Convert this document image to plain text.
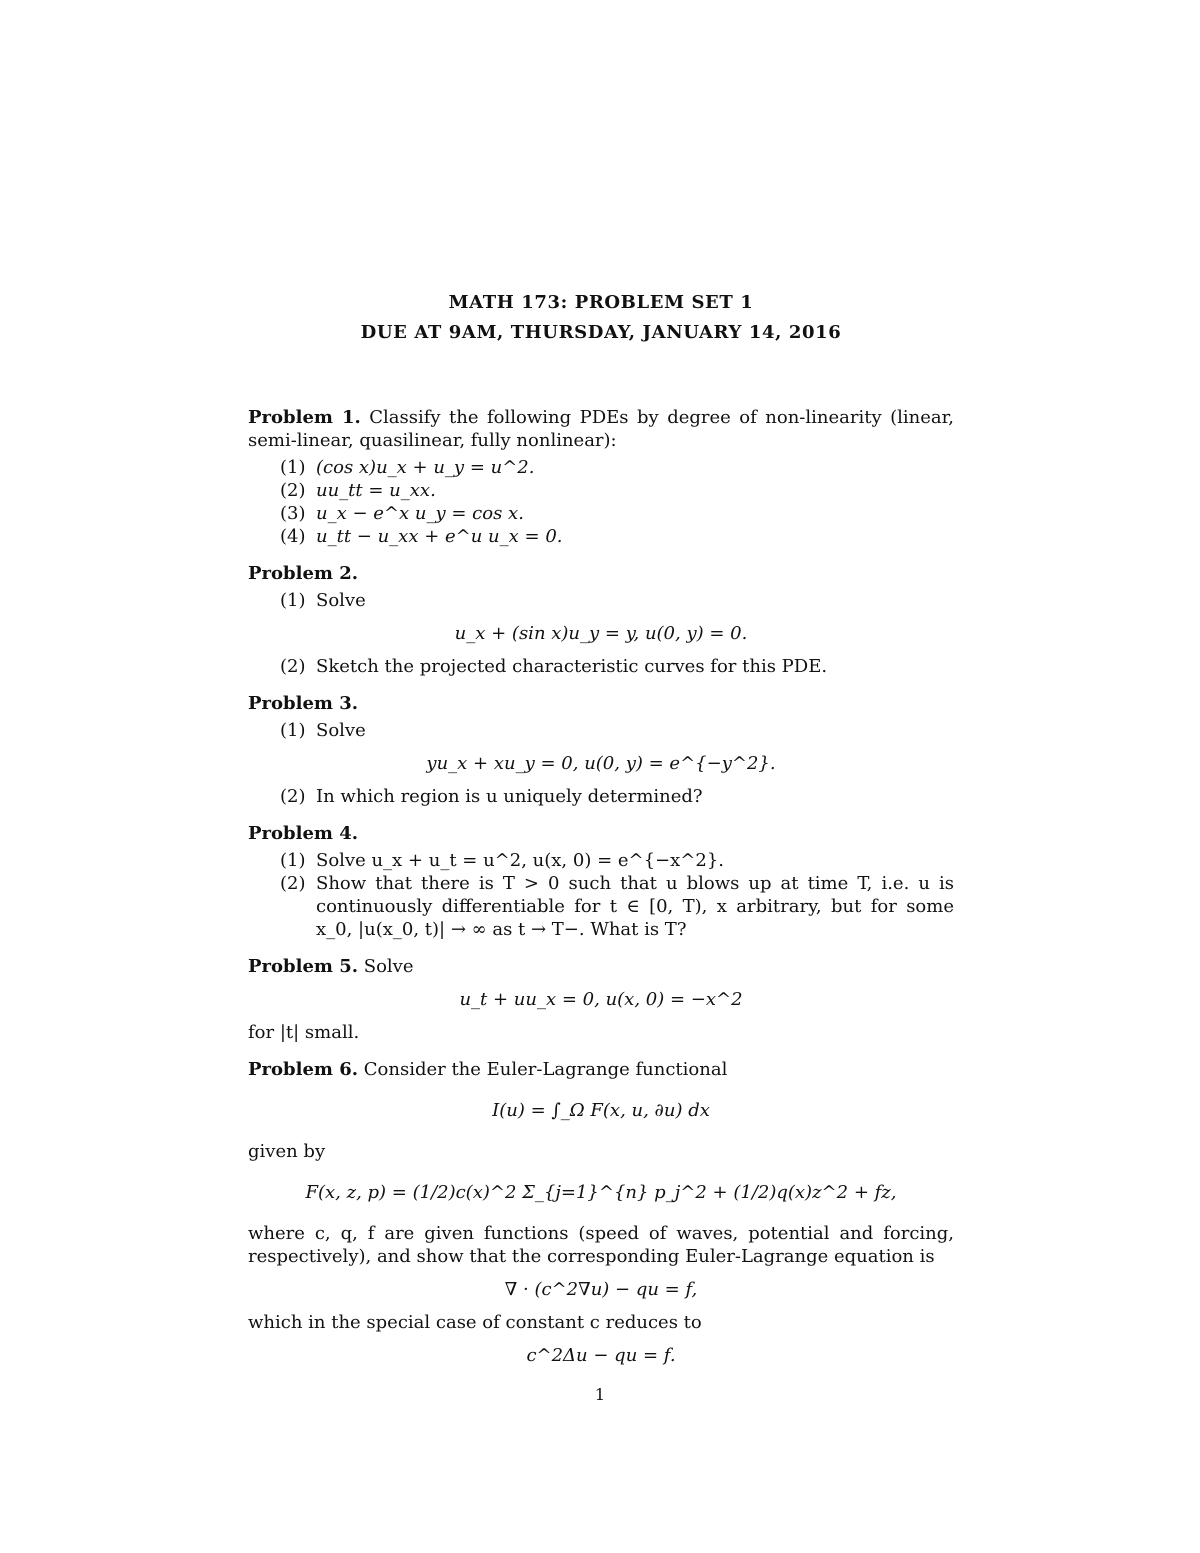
MATH 173: PROBLEM SET 1
DUE AT 9AM, THURSDAY, JANUARY 14, 2016
Problem 1. Classify the following PDEs by degree of non-linearity (linear, semi-linear, quasilinear, fully nonlinear):
(1) (cos x)u_x + u_y = u^2.
(2) uu_tt = u_xx.
(3) u_x − e^x u_y = cos x.
(4) u_tt − u_xx + e^u u_x = 0.
Problem 2.
(1) Solve
u_x + (sin x)u_y = y, u(0, y) = 0.
(2) Sketch the projected characteristic curves for this PDE.
Problem 3.
(1) Solve
yu_x + xu_y = 0, u(0, y) = e^{−y^2}.
(2) In which region is u uniquely determined?
Problem 4.
(1) Solve u_x + u_t = u^2, u(x, 0) = e^{−x^2}.
(2) Show that there is T > 0 such that u blows up at time T, i.e. u is continuously differentiable for t ∈ [0, T), x arbitrary, but for some x_0, |u(x_0, t)| → ∞ as t → T−. What is T?
Problem 5. Solve
u_t + uu_x = 0, u(x, 0) = −x^2
for |t| small.
Problem 6. Consider the Euler-Lagrange functional
I(u) = ∫_Ω F(x, u, ∂u) dx
given by
F(x, z, p) = (1/2)c(x)^2 Σ_{j=1}^{n} p_j^2 + (1/2)q(x)z^2 + fz,
where c, q, f are given functions (speed of waves, potential and forcing, respectively), and show that the corresponding Euler-Lagrange equation is
∇ · (c^2∇u) − qu = f,
which in the special case of constant c reduces to
c^2Δu − qu = f.
1
